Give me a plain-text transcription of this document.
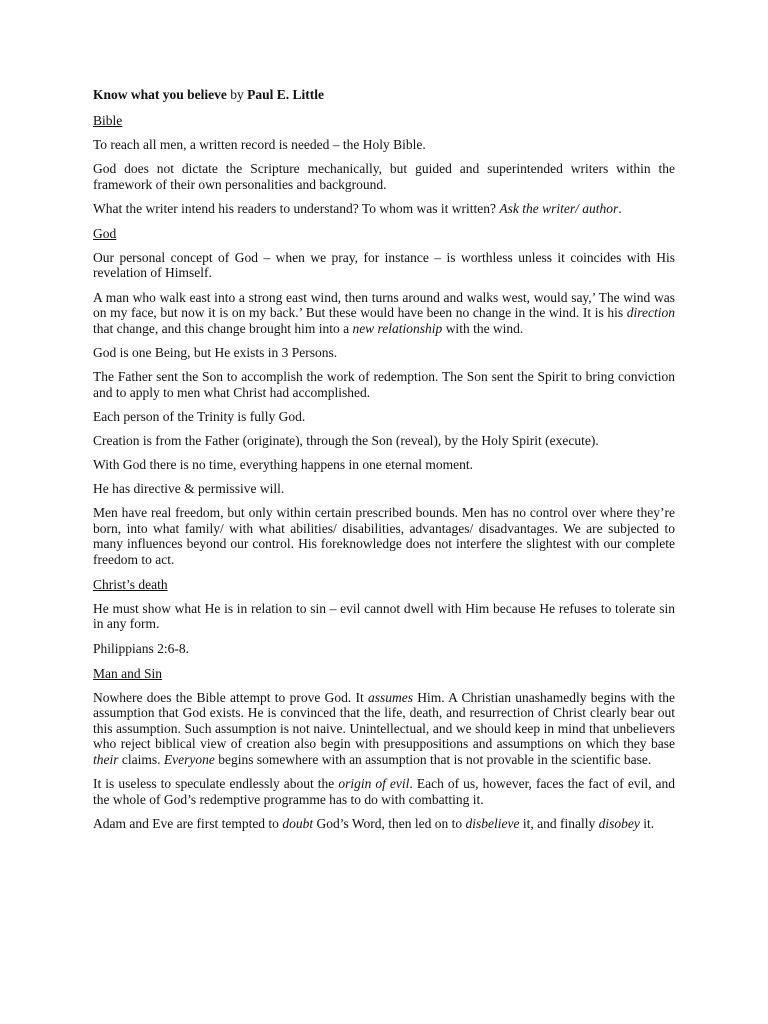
Know what you believe by Paul E. Little
Bible

To reach all men, a written record is needed – the Holy Bible.

God does not dictate the Scripture mechanically, but guided and superintended writers within the framework of their own personalities and background.

What the writer intend his readers to understand? To whom was it written? Ask the writer/ author.

God

Our personal concept of God – when we pray, for instance – is worthless unless it coincides with His revelation of Himself.

A man who walk east into a strong east wind, then turns around and walks west, would say,’ The wind was on my face, but now it is on my back.’ But these would have been no change in the wind. It is his direction that change, and this change brought him into a new relationship with the wind.

God is one Being, but He exists in 3 Persons.

The Father sent the Son to accomplish the work of redemption. The Son sent the Spirit to bring conviction and to apply to men what Christ had accomplished.

Each person of the Trinity is fully God.

Creation is from the Father (originate), through the Son (reveal), by the Holy Spirit (execute).

With God there is no time, everything happens in one eternal moment.

He has directive & permissive will.

Men have real freedom, but only within certain prescribed bounds. Men has no control over where they’re born, into what family/ with what abilities/ disabilities, advantages/ disadvantages. We are subjected to many influences beyond our control. His foreknowledge does not interfere the slightest with our complete freedom to act.

Christ’s death

He must show what He is in relation to sin – evil cannot dwell with Him because He refuses to tolerate sin in any form.

Philippians 2:6-8.

Man and Sin

Nowhere does the Bible attempt to prove God. It assumes Him. A Christian unashamedly begins with the assumption that God exists. He is convinced that the life, death, and resurrection of Christ clearly bear out this assumption. Such assumption is not naive. Unintellectual, and we should keep in mind that unbelievers who reject biblical view of creation also begin with presuppositions and assumptions on which they base their claims. Everyone begins somewhere with an assumption that is not provable in the scientific base.

It is useless to speculate endlessly about the origin of evil. Each of us, however, faces the fact of evil, and the whole of God’s redemptive programme has to do with combatting it.

Adam and Eve are first tempted to doubt God’s Word, then led on to disbelieve it, and finally disobey it.
